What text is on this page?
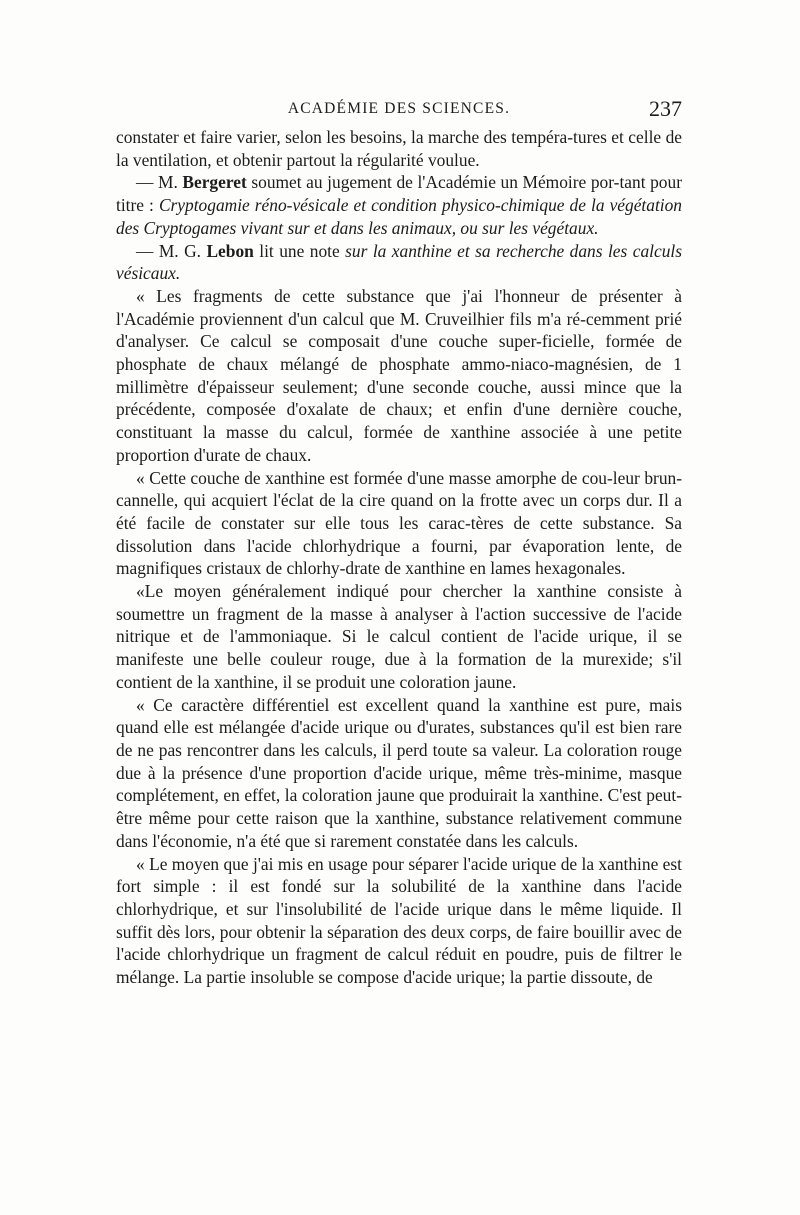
ACADÉMIE DES SCIENCES.	237

constater et faire varier, selon les besoins, la marche des tempéra-tures et celle de la ventilation, et obtenir partout la régularité voulue.

— M. Bergeret soumet au jugement de l'Académie un Mémoire por-tant pour titre : Cryptogamie réno-vésicale et condition physico-chimique de la végétation des Cryptogames vivant sur et dans les animaux, ou sur les végétaux.

— M. G. Lebon lit une note sur la xanthine et sa recherche dans les calculs vésicaux.

« Les fragments de cette substance que j'ai l'honneur de présenter à l'Académie proviennent d'un calcul que M. Cruveilhier fils m'a ré-cemment prié d'analyser. Ce calcul se composait d'une couche super-ficielle, formée de phosphate de chaux mélangé de phosphate ammo-niaco-magnésien, de 1 millimètre d'épaisseur seulement; d'une seconde couche, aussi mince que la précédente, composée d'oxalate de chaux; et enfin d'une dernière couche, constituant la masse du calcul, formée de xanthine associée à une petite proportion d'urate de chaux.

« Cette couche de xanthine est formée d'une masse amorphe de cou-leur brun-cannelle, qui acquiert l'éclat de la cire quand on la frotte avec un corps dur. Il a été facile de constater sur elle tous les carac-tères de cette substance. Sa dissolution dans l'acide chlorhydrique a fourni, par évaporation lente, de magnifiques cristaux de chlorhy-drate de xanthine en lames hexagonales.

«Le moyen généralement indiqué pour chercher la xanthine consiste à soumettre un fragment de la masse à analyser à l'action successive de l'acide nitrique et de l'ammoniaque. Si le calcul contient de l'acide urique, il se manifeste une belle couleur rouge, due à la formation de la murexide; s'il contient de la xanthine, il se produit une coloration jaune.

« Ce caractère différentiel est excellent quand la xanthine est pure, mais quand elle est mélangée d'acide urique ou d'urates, substances qu'il est bien rare de ne pas rencontrer dans les calculs, il perd toute sa valeur. La coloration rouge due à la présence d'une proportion d'acide urique, même très-minime, masque complétement, en effet, la coloration jaune que produirait la xanthine. C'est peut-être même pour cette raison que la xanthine, substance relativement commune dans l'économie, n'a été que si rarement constatée dans les calculs.

« Le moyen que j'ai mis en usage pour séparer l'acide urique de la xanthine est fort simple : il est fondé sur la solubilité de la xanthine dans l'acide chlorhydrique, et sur l'insolubilité de l'acide urique dans le même liquide. Il suffit dès lors, pour obtenir la séparation des deux corps, de faire bouillir avec de l'acide chlorhydrique un fragment de calcul réduit en poudre, puis de filtrer le mélange. La partie insoluble se compose d'acide urique; la partie dissoute, de
